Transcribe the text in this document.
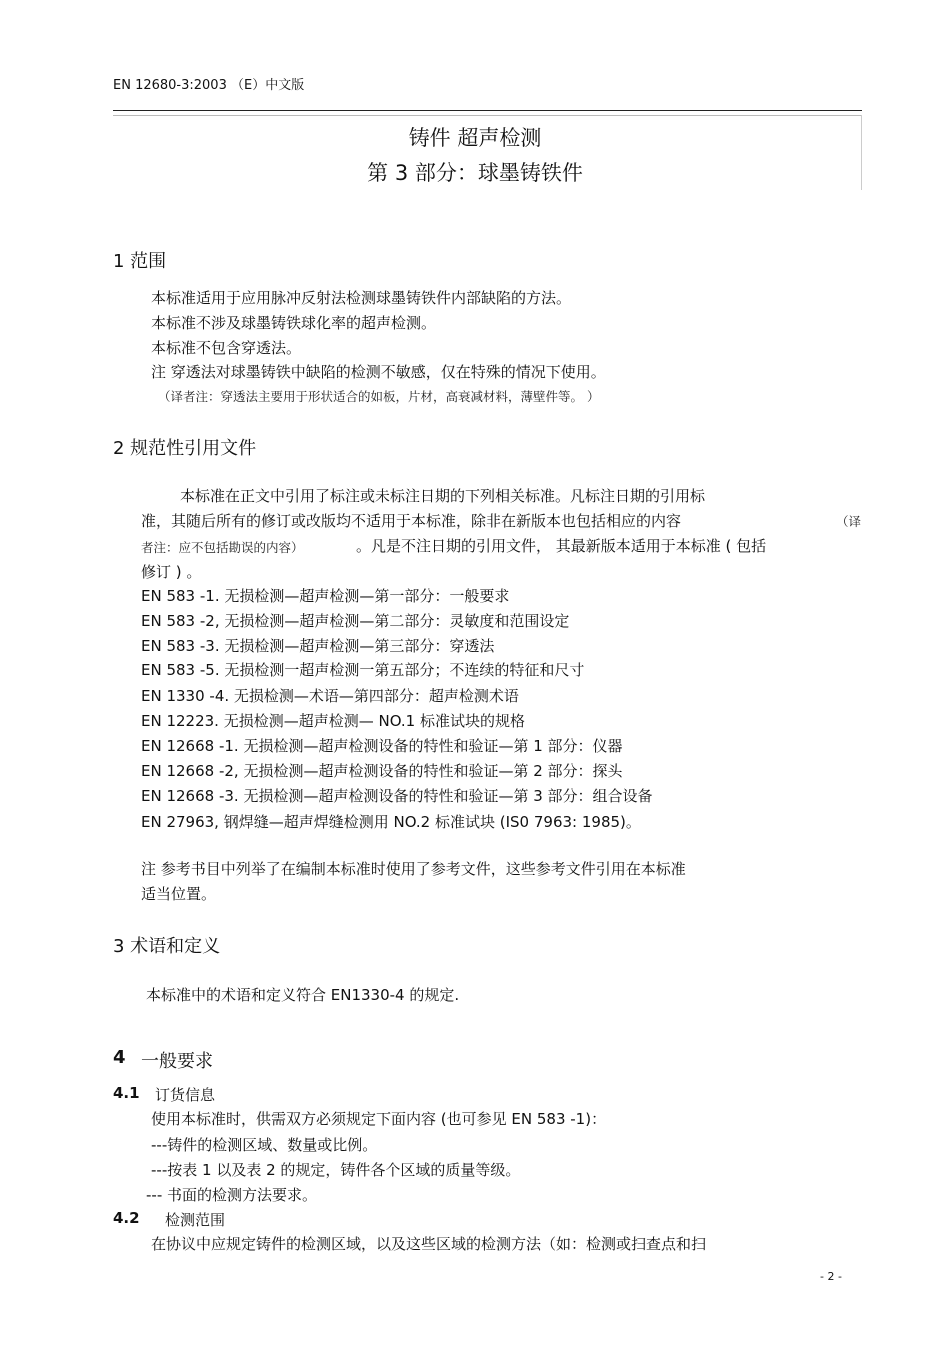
EN 12680-3:2003 （E）中文版
铸件 超声检测
第 3 部分：球墨铸铁件
1 范围
本标准适用于应用脉冲反射法检测球墨铸铁件内部缺陷的方法。
本标准不涉及球墨铸铁球化率的超声检测。
本标准不包含穿透法。
注 穿透法对球墨铸铁中缺陷的检测不敏感，仅在特殊的情况下使用。
（译者注：穿透法主要用于形状适合的如板，片材，高衰减材料，薄壁件等。 ）
2 规范性引用文件
本标准在正文中引用了标注或未标注日期的下列相关标准。凡标注日期的引用标
准，其随后所有的修订或改版均不适用于本标准，除非在新版本也包括相应的内容	（译
者注：应不包括勘误的内容）	。凡是不注日期的引用文件， 其最新版本适用于本标准 ( 包括
修订 ) 。
EN 583 -1. 无损检测—超声检测—第一部分：一般要求
EN 583 -2, 无损检测—超声检测—第二部分：灵敏度和范围设定
EN 583 -3. 无损检测—超声检测—第三部分：穿透法
EN 583 -5. 无损检测一超声检测一第五部分；不连续的特征和尺寸
EN 1330 -4. 无损检测—术语—第四部分：超声检测术语
EN 12223. 无损检测—超声检测— NO.1 标准试块的规格
EN 12668 -1. 无损检测—超声检测设备的特性和验证—第 1 部分：仪器
EN 12668 -2, 无损检测—超声检测设备的特性和验证—第 2 部分：探头
EN 12668 -3. 无损检测—超声检测设备的特性和验证—第 3 部分：组合设备
EN 27963, 钢焊缝—超声焊缝检测用 NO.2 标准试块 (IS0 7963: 1985)。
注 参考书目中列举了在编制本标准时使用了参考文件，这些参考文件引用在本标准
适当位置。
3 术语和定义
本标准中的术语和定义符合 EN1330-4 的规定.
4 一般要求
4.1 订货信息
使用本标准时，供需双方必须规定下面内容 (也可参见 EN 583 -1)：
---铸件的检测区域、数量或比例。
---按表 1 以及表 2 的规定，铸件各个区域的质量等级。
--- 书面的检测方法要求。
4.2 检测范围
在协议中应规定铸件的检测区域，以及这些区域的检测方法（如：检测或扫查点和扫
- 2 -
